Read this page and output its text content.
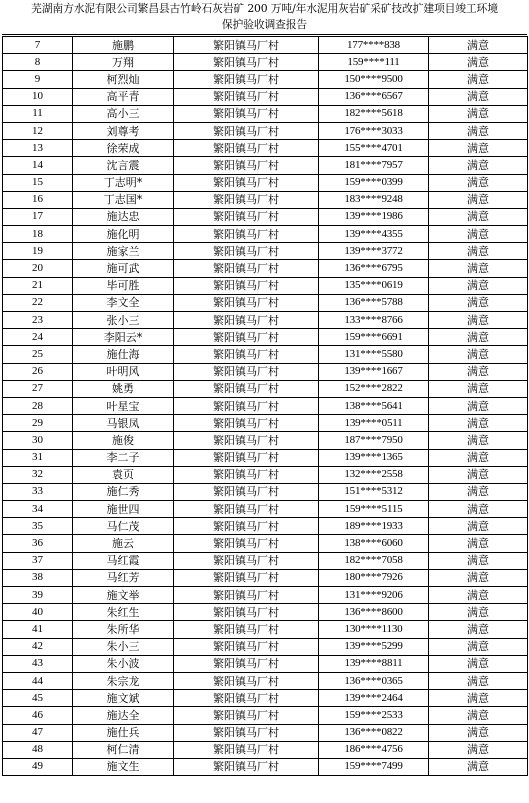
芜湖南方水泥有限公司繁昌县古竹岭石灰岩矿 200 万吨/年水泥用灰岩矿采矿技改扩建项目竣工环境
保护验收调查报告
7	施鹏	繁阳镇马厂村	177****838	满意
8	万翔	繁阳镇马厂村	159****111	满意
9	柯烈灿	繁阳镇马厂村	150****9500	满意
10	高平青	繁阳镇马厂村	136****6567	满意
11	高小三	繁阳镇马厂村	182****5618	满意
12	刘尊考	繁阳镇马厂村	176****3033	满意
13	徐荣成	繁阳镇马厂村	155****4701	满意
14	沈言震	繁阳镇马厂村	181****7957	满意
15	丁志明*	繁阳镇马厂村	159****0399	满意
16	丁志国*	繁阳镇马厂村	183****9248	满意
17	施达忠	繁阳镇马厂村	139****1986	满意
18	施化明	繁阳镇马厂村	139****4355	满意
19	施家兰	繁阳镇马厂村	139****3772	满意
20	施可武	繁阳镇马厂村	136****6795	满意
21	毕可胜	繁阳镇马厂村	135****0619	满意
22	李文全	繁阳镇马厂村	136****5788	满意
23	张小三	繁阳镇马厂村	133****8766	满意
24	李阳云*	繁阳镇马厂村	159****6691	满意
25	施仕海	繁阳镇马厂村	131****5580	满意
26	叶明风	繁阳镇马厂村	139****1667	满意
27	姚勇	繁阳镇马厂村	152****2822	满意
28	叶星宝	繁阳镇马厂村	138****5641	满意
29	马银凤	繁阳镇马厂村	139****0511	满意
30	施俊	繁阳镇马厂村	187****7950	满意
31	李二子	繁阳镇马厂村	139****1365	满意
32	袁页	繁阳镇马厂村	132****2558	满意
33	施仁秀	繁阳镇马厂村	151****5312	满意
34	施世四	繁阳镇马厂村	159****5115	满意
35	马仁茂	繁阳镇马厂村	189****1933	满意
36	施云	繁阳镇马厂村	138****6060	满意
37	马红霞	繁阳镇马厂村	182****7058	满意
38	马红芳	繁阳镇马厂村	180****7926	满意
39	施文举	繁阳镇马厂村	131****9206	满意
40	朱红生	繁阳镇马厂村	136****8600	满意
41	朱所华	繁阳镇马厂村	130****1130	满意
42	朱小三	繁阳镇马厂村	139****5299	满意
43	朱小波	繁阳镇马厂村	139****8811	满意
44	朱宗龙	繁阳镇马厂村	136****0365	满意
45	施文斌	繁阳镇马厂村	139****2464	满意
46	施达全	繁阳镇马厂村	159****2533	满意
47	施仕兵	繁阳镇马厂村	136****0822	满意
48	柯仁清	繁阳镇马厂村	186****4756	满意
49	施文生	繁阳镇马厂村	159****7499	满意
